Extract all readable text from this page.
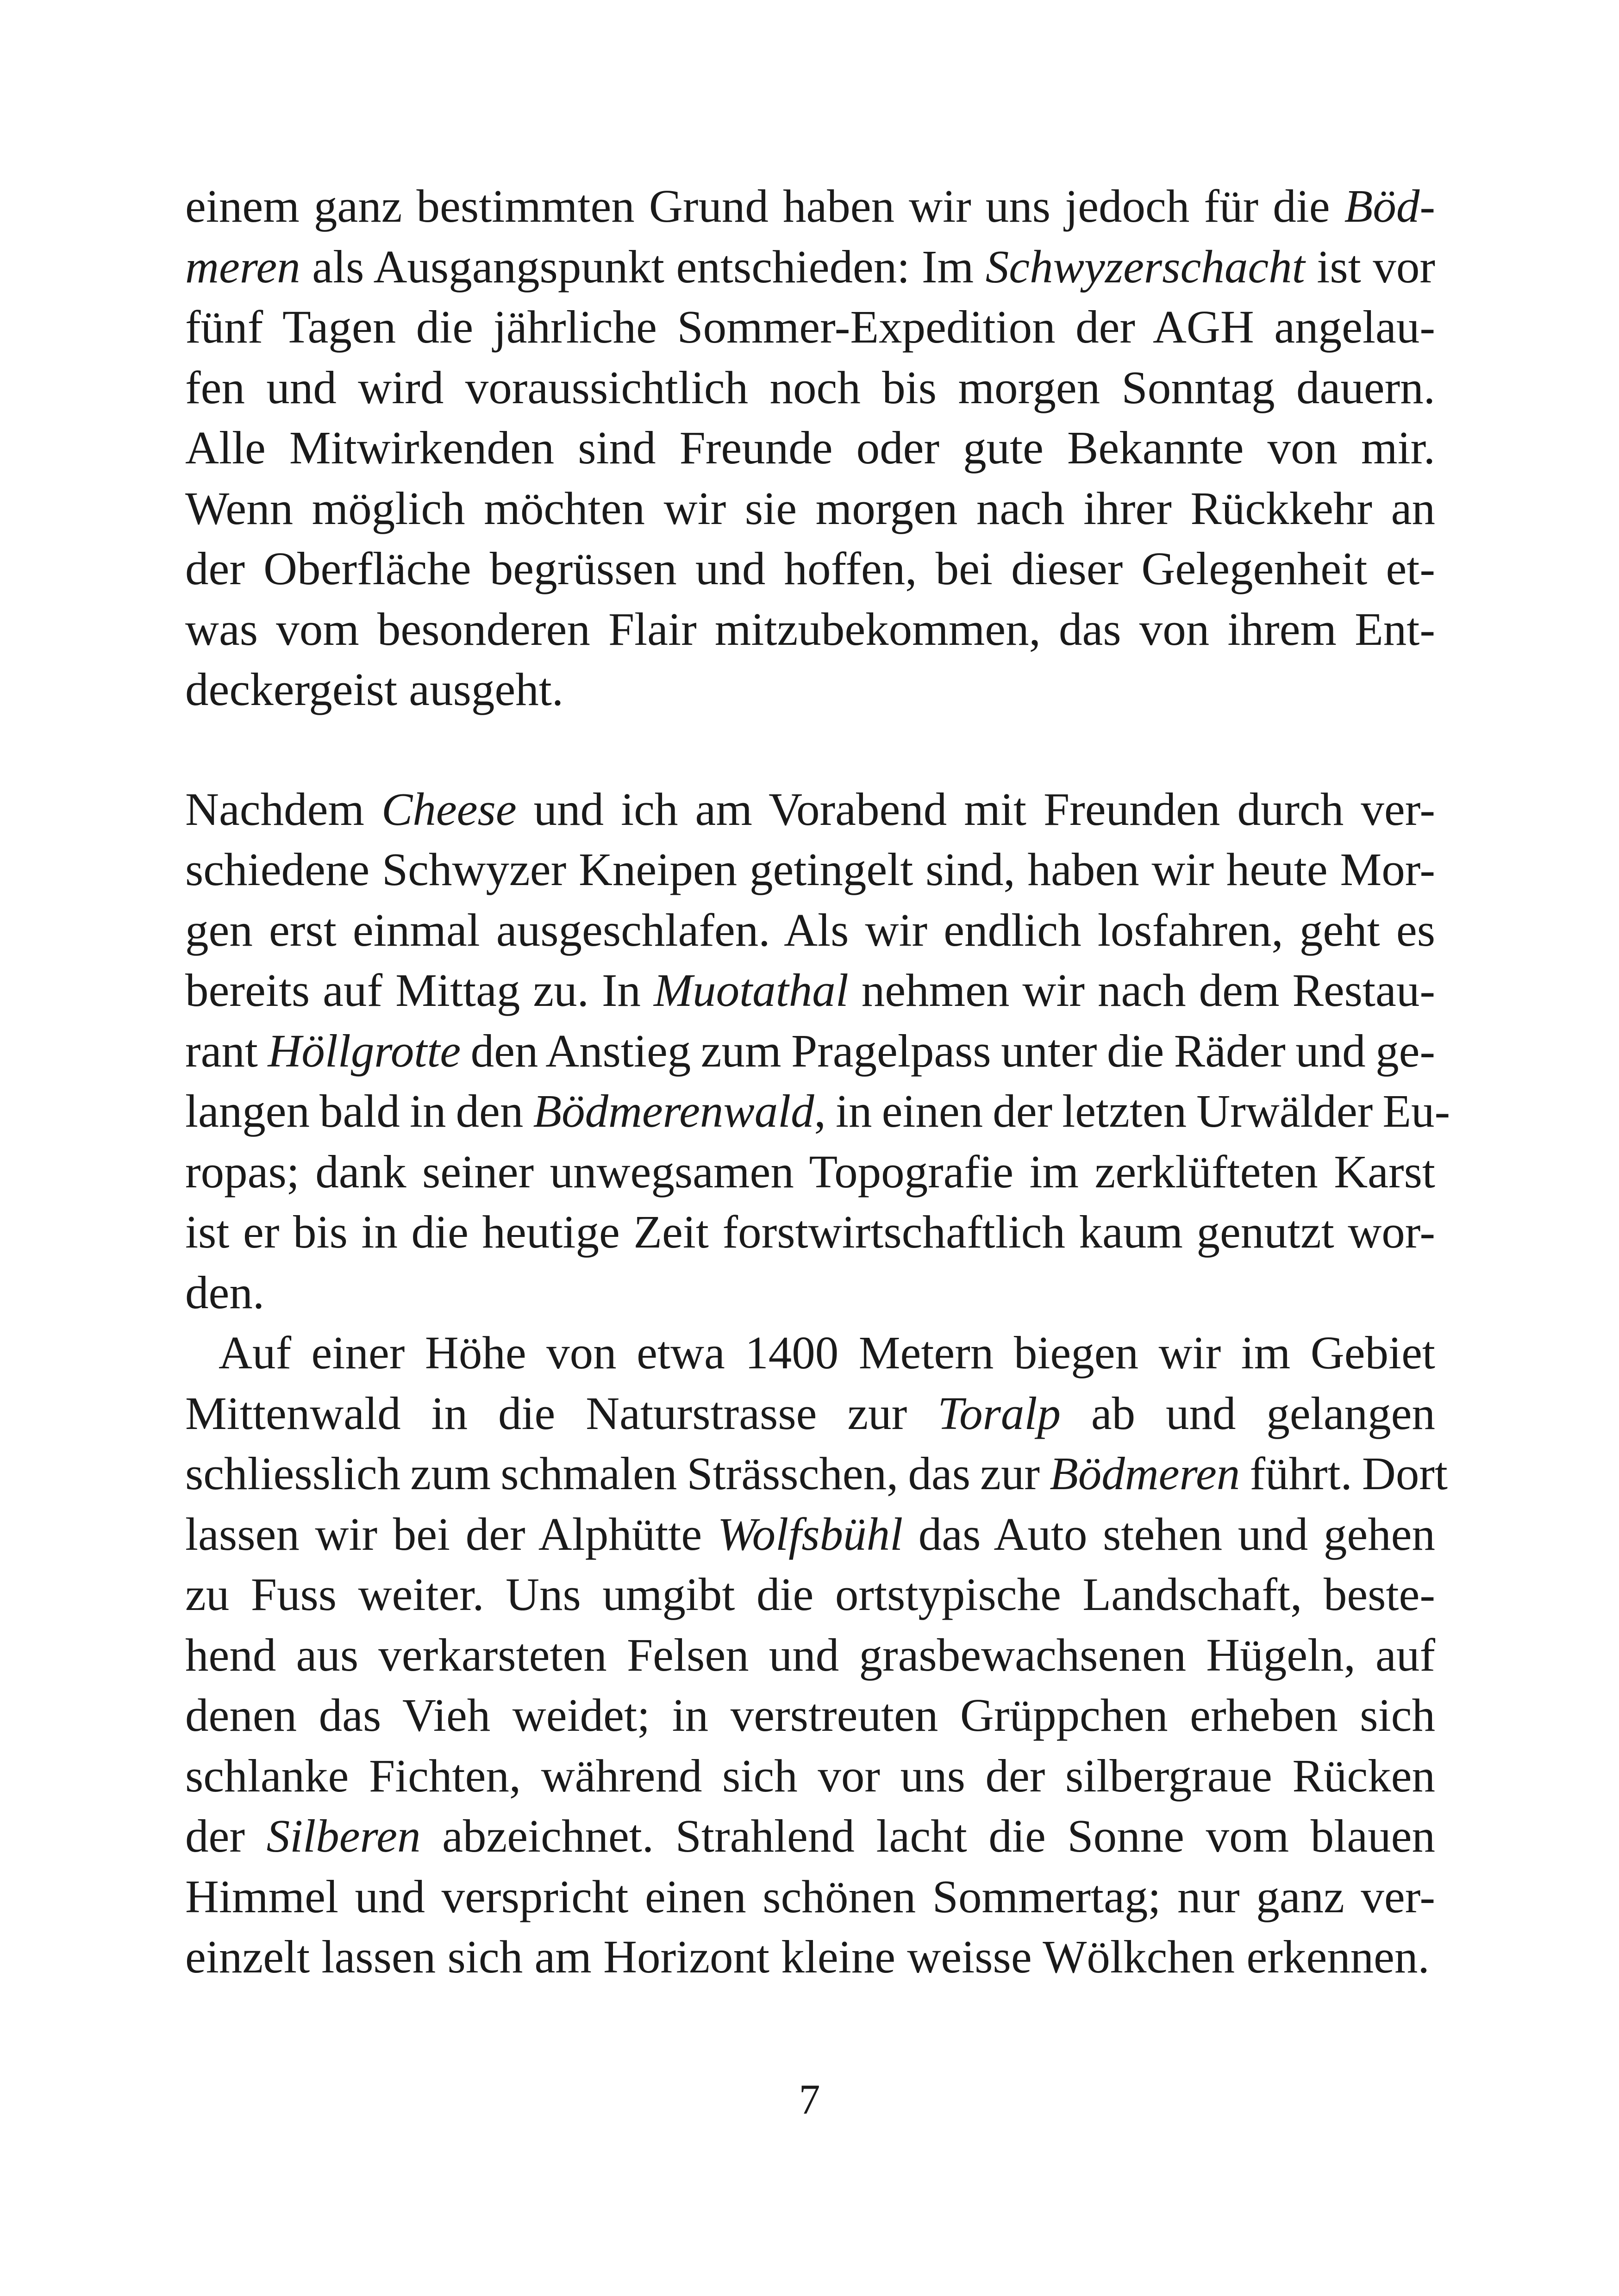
einem ganz bestimmten Grund haben wir uns jedoch für die Böd-
meren als Ausgangspunkt entschieden: Im Schwyzerschacht ist vor
fünf Tagen die jährliche Sommer-Expedition der AGH angelau-
fen und wird voraussichtlich noch bis morgen Sonntag dauern.
Alle Mitwirkenden sind Freunde oder gute Bekannte von mir.
Wenn möglich möchten wir sie morgen nach ihrer Rückkehr an
der Oberfläche begrüssen und hoffen, bei dieser Gelegenheit et-
was vom besonderen Flair mitzubekommen, das von ihrem Ent-
deckergeist ausgeht.

Nachdem Cheese und ich am Vorabend mit Freunden durch ver-
schiedene Schwyzer Kneipen getingelt sind, haben wir heute Mor-
gen erst einmal ausgeschlafen. Als wir endlich losfahren, geht es
bereits auf Mittag zu. In Muotathal nehmen wir nach dem Restau-
rant Höllgrotte den Anstieg zum Pragelpass unter die Räder und ge-
langen bald in den Bödmerenwald, in einen der letzten Urwälder Eu-
ropas; dank seiner unwegsamen Topografie im zerklüfteten Karst
ist er bis in die heutige Zeit forstwirtschaftlich kaum genutzt wor-
den.

Auf einer Höhe von etwa 1400 Metern biegen wir im Gebiet
Mittenwald in die Naturstrasse zur Toralp ab und gelangen
schliesslich zum schmalen Strässchen, das zur Bödmeren führt. Dort
lassen wir bei der Alphütte Wolfsbühl das Auto stehen und gehen
zu Fuss weiter. Uns umgibt die ortstypische Landschaft, beste-
hend aus verkarsteten Felsen und grasbewachsenen Hügeln, auf
denen das Vieh weidet; in verstreuten Grüppchen erheben sich
schlanke Fichten, während sich vor uns der silbergraue Rücken
der Silberen abzeichnet. Strahlend lacht die Sonne vom blauen
Himmel und verspricht einen schönen Sommertag; nur ganz ver-
einzelt lassen sich am Horizont kleine weisse Wölkchen erkennen.

7
